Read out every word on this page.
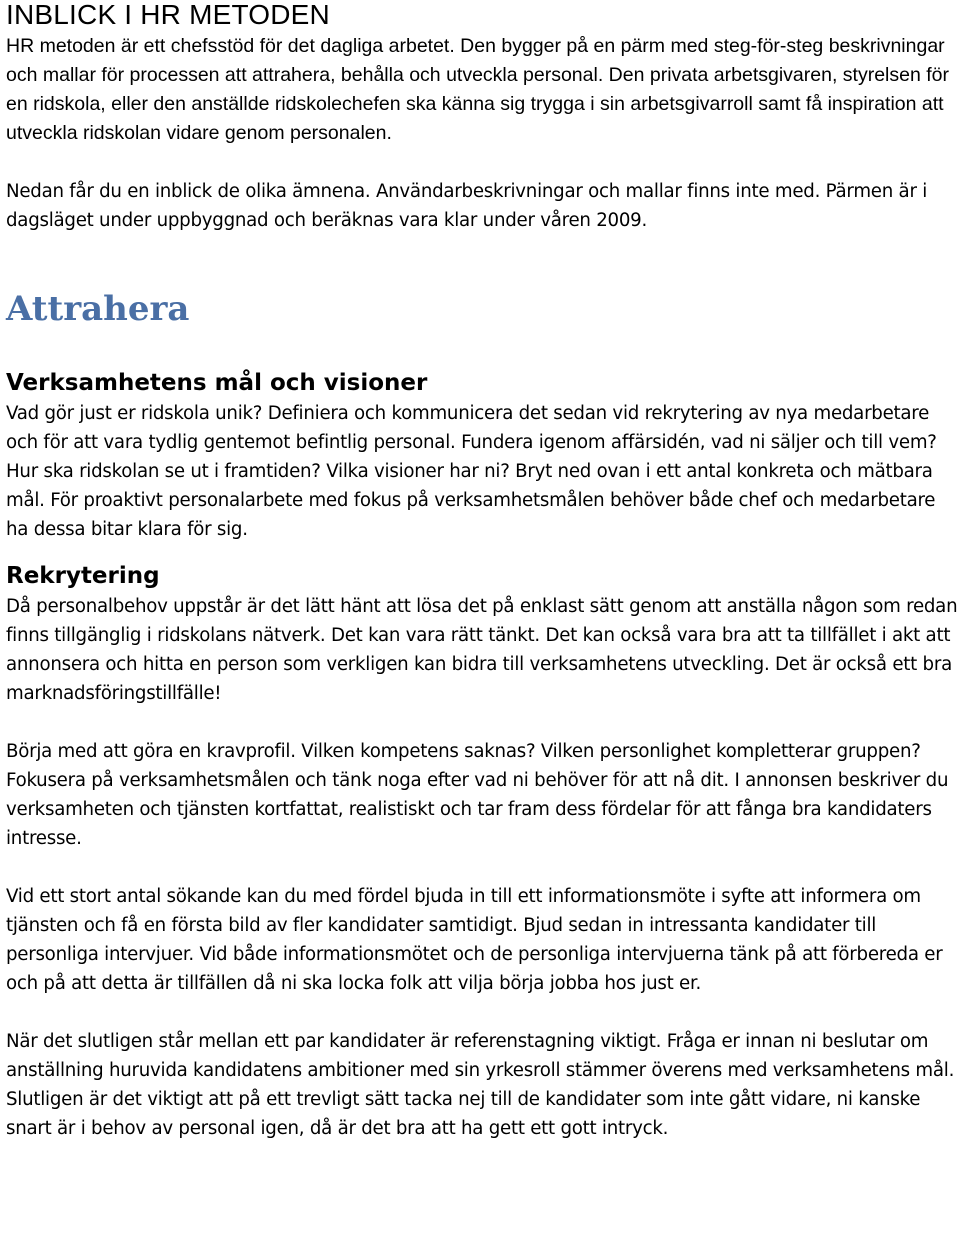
INBLICK I HR METODEN

HR metoden är ett chefsstöd för det dagliga arbetet. Den bygger på en pärm med steg-för-steg beskrivningar och mallar för processen att attrahera, behålla och utveckla personal. Den privata arbetsgivaren, styrelsen för en ridskola, eller den anställde ridskolechefen ska känna sig trygga i sin arbetsgivarroll samt få inspiration att utveckla ridskolan vidare genom personalen.

Nedan får du en inblick de olika ämnena. Användarbeskrivningar och mallar finns inte med. Pärmen är i dagsläget under uppbyggnad och beräknas vara klar under våren 2009.

Attrahera
Verksamhetens mål och visioner

Vad gör just er ridskola unik? Definiera och kommunicera det sedan vid rekrytering av nya medarbetare och för att vara tydlig gentemot befintlig personal. Fundera igenom affärsidén, vad ni säljer och till vem? Hur ska ridskolan se ut i framtiden? Vilka visioner har ni? Bryt ned ovan i ett antal konkreta och mätbara mål. För proaktivt personalarbete med fokus på verksamhetsmålen behöver både chef och medarbetare ha dessa bitar klara för sig.

Rekrytering

Då personalbehov uppstår är det lätt hänt att lösa det på enklast sätt genom att anställa någon som redan finns tillgänglig i ridskolans nätverk. Det kan vara rätt tänkt. Det kan också vara bra att ta tillfället i akt att annonsera och hitta en person som verkligen kan bidra till verksamhetens utveckling. Det är också ett bra marknadsföringstillfälle!

Börja med att göra en kravprofil. Vilken kompetens saknas? Vilken personlighet kompletterar gruppen? Fokusera på verksamhetsmålen och tänk noga efter vad ni behöver för att nå dit. I annonsen beskriver du verksamheten och tjänsten kortfattat, realistiskt och tar fram dess fördelar för att fånga bra kandidaters intresse.

Vid ett stort antal sökande kan du med fördel bjuda in till ett informationsmöte i syfte att informera om tjänsten och få en första bild av fler kandidater samtidigt. Bjud sedan in intressanta kandidater till personliga intervjuer. Vid både informationsmötet och de personliga intervjuerna tänk på att förbereda er och på att detta är tillfällen då ni ska locka folk att vilja börja jobba hos just er.

När det slutligen står mellan ett par kandidater är referenstagning viktigt. Fråga er innan ni beslutar om anställning huruvida kandidatens ambitioner med sin yrkesroll stämmer överens med verksamhetens mål. Slutligen är det viktigt att på ett trevligt sätt tacka nej till de kandidater som inte gått vidare, ni kanske snart är i behov av personal igen, då är det bra att ha gett ett gott intryck.
